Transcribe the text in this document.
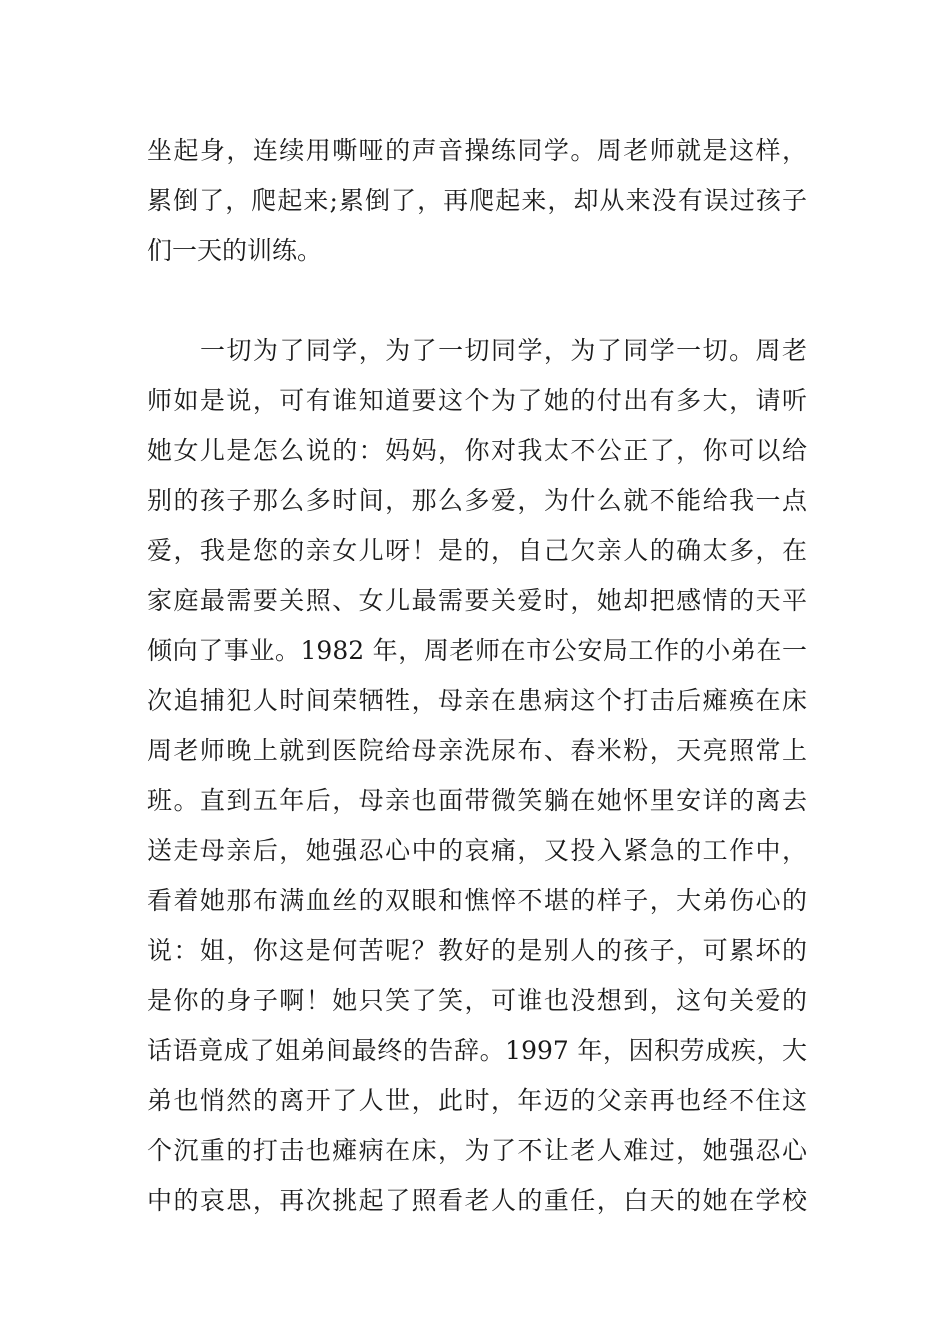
坐起身，连续用嘶哑的声音操练同学。周老师就是这样，
累倒了，爬起来;累倒了，再爬起来，却从来没有误过孩子
们一天的训练。
一切为了同学，为了一切同学，为了同学一切。周老
师如是说，可有谁知道要这个为了她的付出有多大，请听
她女儿是怎么说的：妈妈，你对我太不公正了，你可以给
别的孩子那么多时间，那么多爱，为什么就不能给我一点
爱，我是您的亲女儿呀！是的，自己欠亲人的确太多，在
家庭最需要关照、女儿最需要关爱时，她却把感情的天平
倾向了事业。1982 年，周老师在市公安局工作的小弟在一
次追捕犯人时间荣牺牲，母亲在患病这个打击后瘫痪在床
周老师晚上就到医院给母亲洗尿布、舂米粉，天亮照常上
班。直到五年后，母亲也面带微笑躺在她怀里安详的离去
送走母亲后，她强忍心中的哀痛，又投入紧急的工作中，
看着她那布满血丝的双眼和憔悴不堪的样子，大弟伤心的
说：姐，你这是何苦呢？教好的是别人的孩子，可累坏的
是你的身子啊！她只笑了笑，可谁也没想到，这句关爱的
话语竟成了姐弟间最终的告辞。1997 年，因积劳成疾，大
弟也悄然的离开了人世，此时，年迈的父亲再也经不住这
个沉重的打击也瘫病在床，为了不让老人难过，她强忍心
中的哀思，再次挑起了照看老人的重任，白天的她在学校
